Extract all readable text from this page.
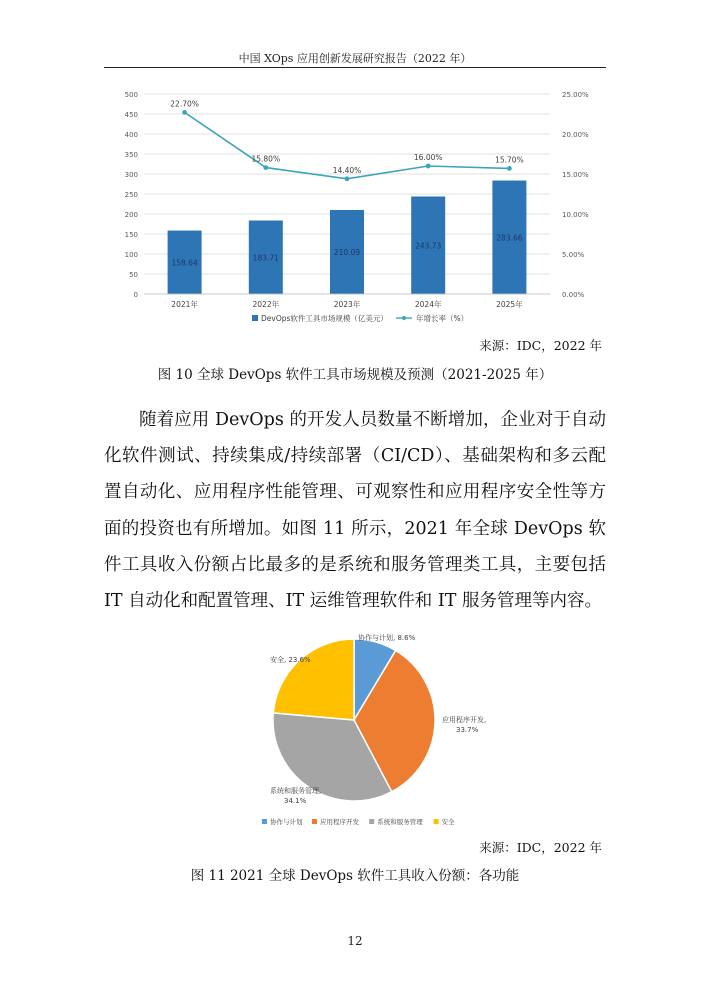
中国 XOps 应用创新发展研究报告（2022 年）
0
50
100
150
200
250
300
350
400
450
500
0.00%
5.00%
10.00%
15.00%
20.00%
25.00%
158.64
183.71
210.09
243.73
283.66
22.70%
15.80%
14.40%
16.00%	15.70%
2021年	2022年	2023年	2024年	2025年
DevOps软件工具市场规模（亿美元）	年增长率（%）
来源：IDC，2022 年
图 10 全球 DevOps 软件工具市场规模及预测（2021-2025 年）
随着应用 DevOps 的开发人员数量不断增加，企业对于自动化软件测试、持续集成/持续部署（CI/CD）、基础架构和多云配置自动化、应用程序性能管理、可观察性和应用程序安全性等方面的投资也有所增加。如图 11 所示，2021 年全球 DevOps 软件工具收入份额占比最多的是系统和服务管理类工具，主要包括 IT 自动化和配置管理、IT 运维管理软件和 IT 服务管理等内容。
协作与计划, 8.6%
应用程序开发,
33.7%
系统和服务管理,
34.1%
安全, 23.6%
协作与计划	应用程序开发	系统和服务管理	安全
来源：IDC，2022 年
图 11 2021 全球 DevOps 软件工具收入份额：各功能
12
